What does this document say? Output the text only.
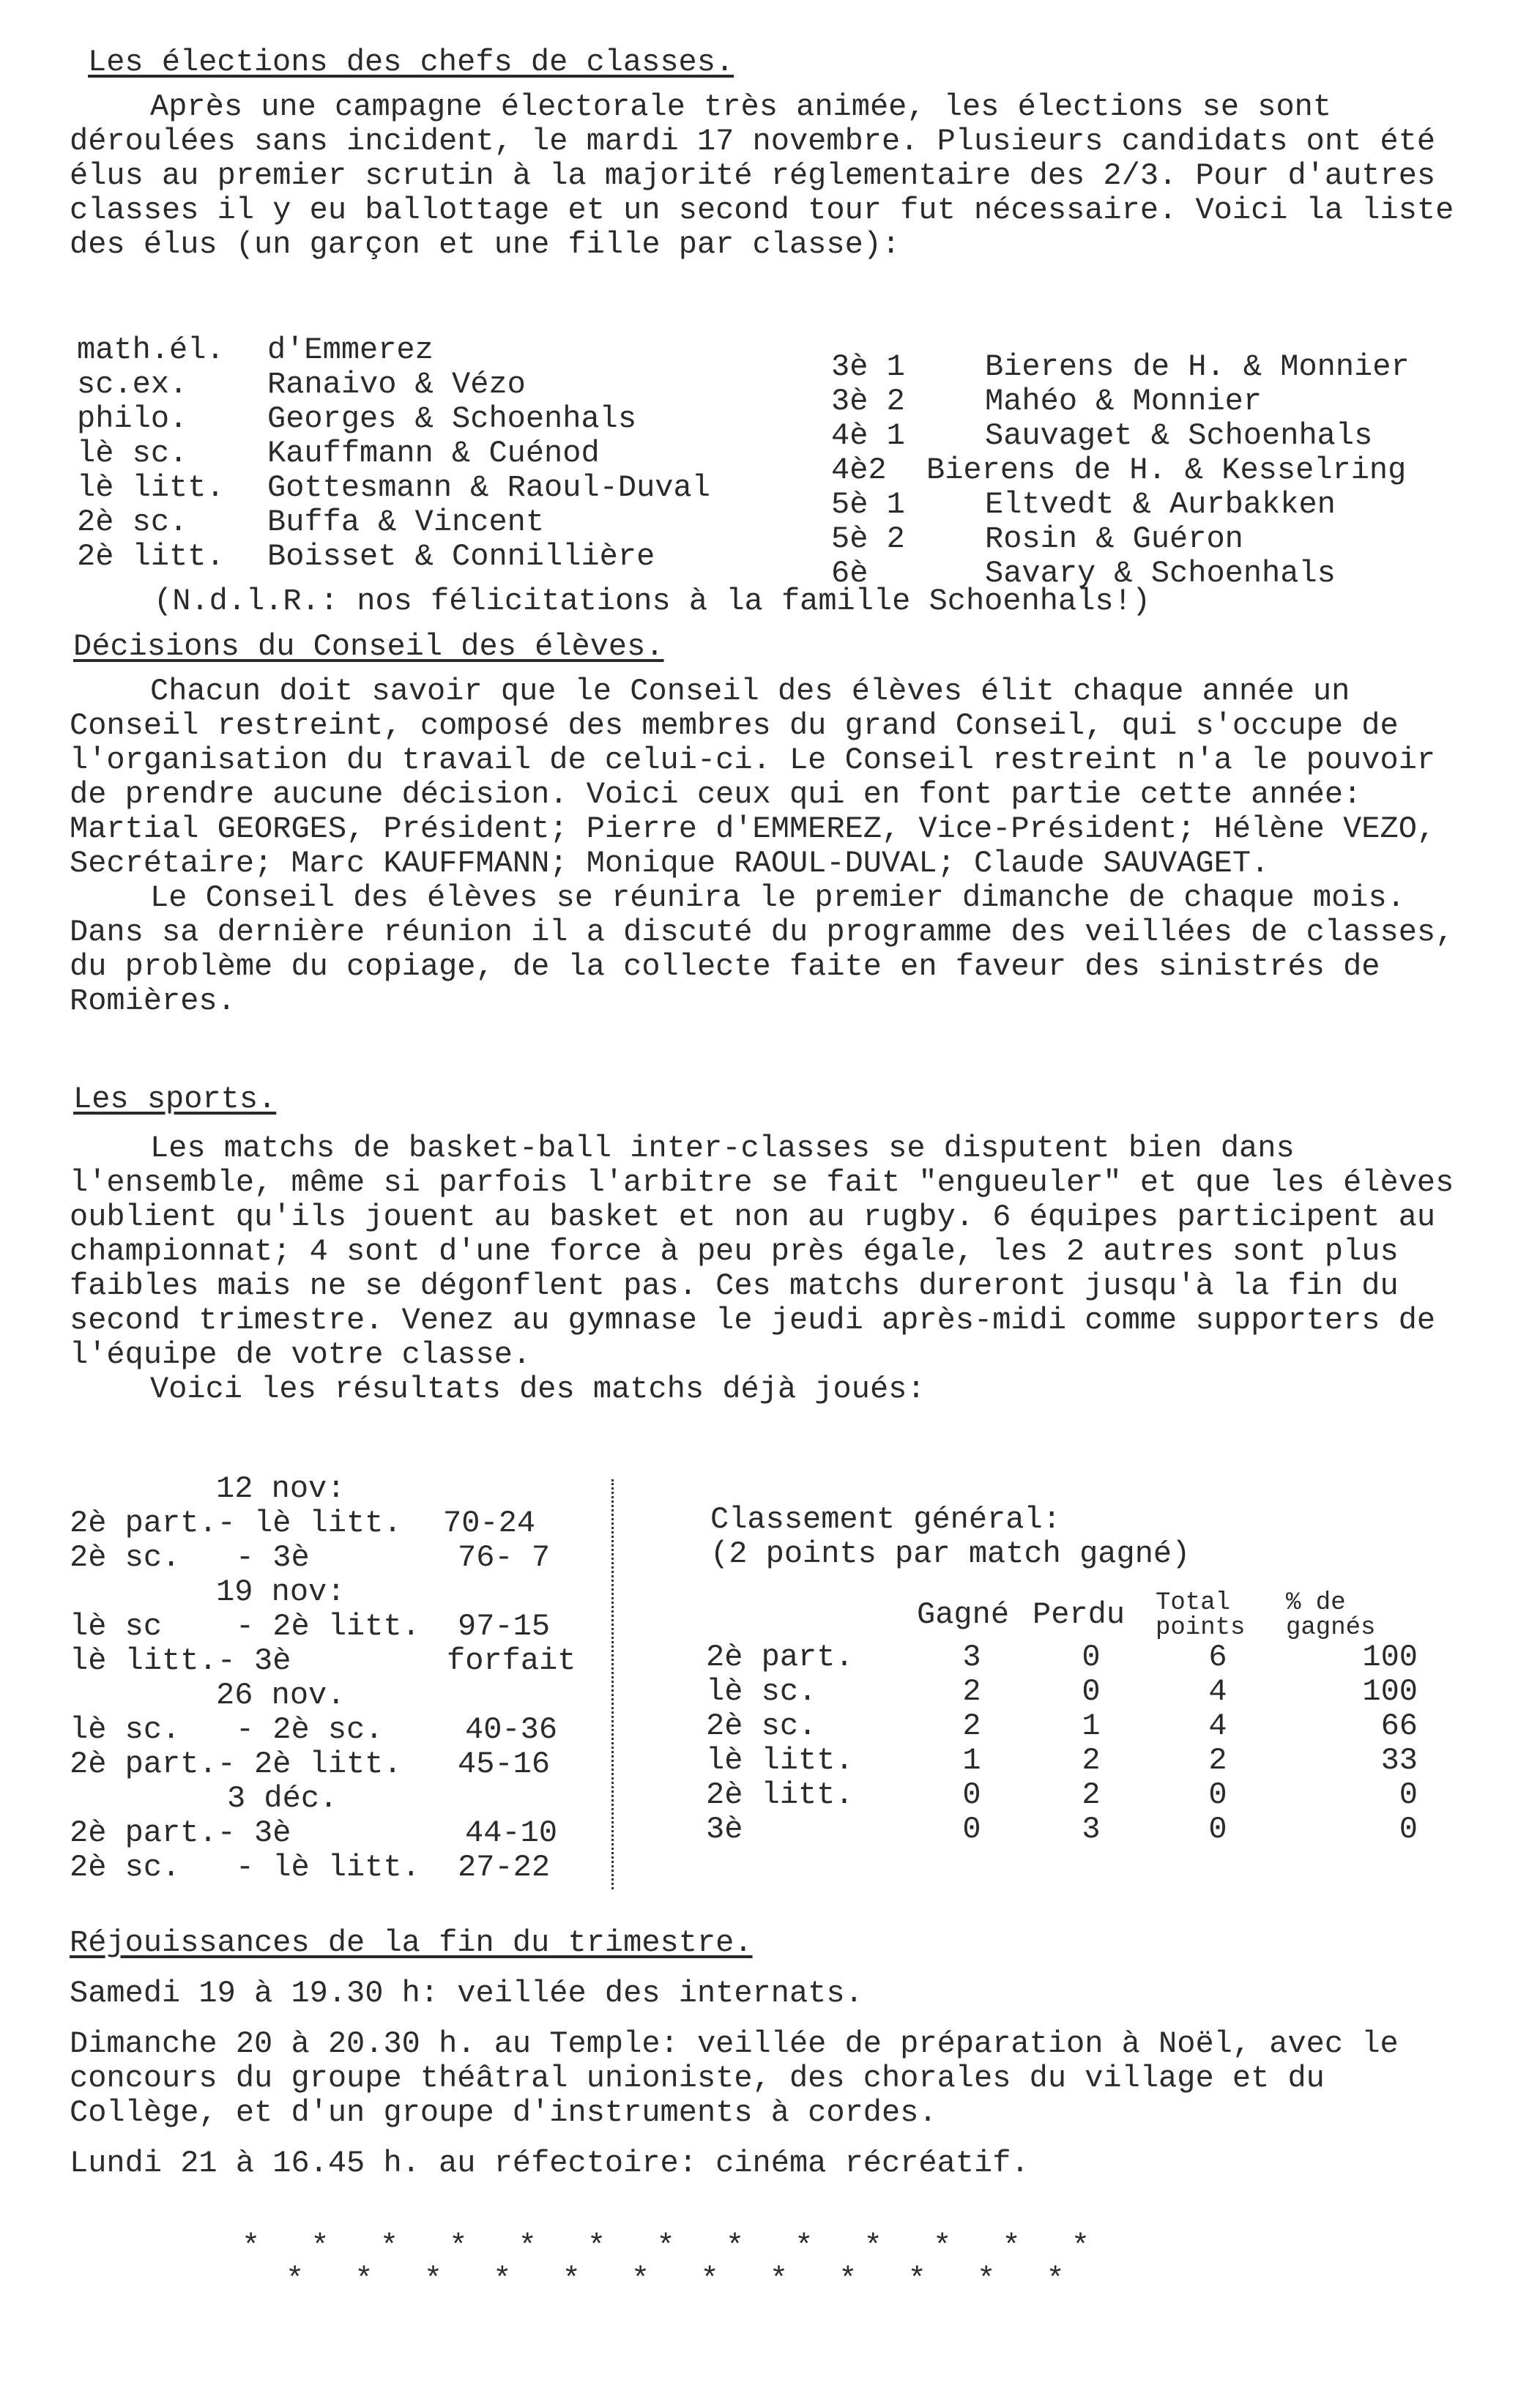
Les élections des chefs de classes.

Après une campagne électorale très animée, les élections se sont déroulées sans incident, le mardi 17 novembre. Plusieurs candidats ont été élus au premier scrutin à la majorité réglementaire des 2/3. Pour d'autres classes il y eu ballottage et un second tour fut nécessaire. Voici la liste des élus (un garçon et une fille par classe):

math.él.	d'Emmerez
sc.ex.	Ranaivo & Vézo
philo.	Georges & Schoenhals
lè sc.	Kauffmann & Cuénod
lè litt.	Gottesmann & Raoul-Duval
2è sc.	Buffa & Vincent
2è litt.	Boisset & Connillière
3è 1	Bierens de H. & Monnier
3è 2	Mahéo & Monnier
4è 1	Sauvaget & Schoenhals
4è2	Bierens de H. & Kesselring
5è 1	Eltvedt & Aurbakken
5è 2	Rosin & Guéron
6è	Savary & Schoenhals
(N.d.l.R.: nos félicitations à la famille Schoenhals!)
Décisions du Conseil des élèves.

Chacun doit savoir que le Conseil des élèves élit chaque année un Conseil restreint, composé des membres du grand Conseil, qui s'occupe de l'organisation du travail de celui-ci. Le Conseil restreint n'a le pouvoir de prendre aucune décision. Voici ceux qui en font partie cette année: Martial GEORGES, Président; Pierre d'EMMEREZ, Vice-Président; Hélène VEZO, Secrétaire; Marc KAUFFMANN; Monique RAOUL-DUVAL; Claude SAUVAGET.

Le Conseil des élèves se réunira le premier dimanche de chaque mois. Dans sa dernière réunion il a discuté du programme des veillées de classes, du problème du copiage, de la collecte faite en faveur des sinistrés de Romières.

Les sports.

Les matchs de basket-ball inter-classes se disputent bien dans l'ensemble, même si parfois l'arbitre se fait "engueuler" et que les élèves oublient qu'ils jouent au basket et non au rugby. 6 équipes participent au championnat; 4 sont d'une force à peu près égale, les 2 autres sont plus faibles mais ne se dégonflent pas. Ces matchs dureront jusqu'à la fin du second trimestre. Venez au gymnase le jeudi après-midi comme supporters de l'équipe de votre classe.

Voici les résultats des matchs déjà joués:

12 nov:
2è part.- lè litt.	70-24
2è sc.   - 3è	76- 7
19 nov:
lè sc    - 2è litt.	97-15
lè litt.- 3è	forfait
26 nov.
lè sc.   - 2è sc.	40-36
2è part.- 2è litt.	45-16
3 déc.
2è part.- 3è	44-10
2è sc.   - lè litt.	27-22
Classement général:
(2 points par match gagné)
	Gagné	Perdu	Total points	% de gagnés
2è part.	3	0	6	100
lè sc.	2	0	4	100
2è sc.	2	1	4	66
lè litt.	1	2	2	33
2è litt.	0	2	0	0
3è	0	3	0	0
Réjouissances de la fin du trimestre.

Samedi 19 à 19.30 h: veillée des internats.

Dimanche 20 à 20.30 h. au Temple: veillée de préparation à Noël, avec le concours du groupe théâtral unioniste, des chorales du village et du Collège, et d'un groupe d'instruments à cordes.

Lundi 21 à 16.45 h. au réfectoire: cinéma récréatif.

* * * * * * * * * * * * *
* * * * * * * * * * * *
